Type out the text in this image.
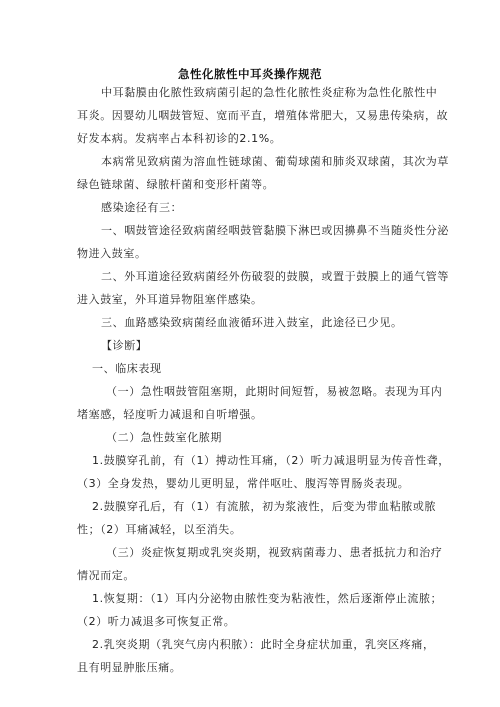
急性化脓性中耳炎操作规范
中耳黏膜由化脓性致病菌引起的急性化脓性炎症称为急性化脓性中
耳炎。因婴幼儿咽鼓管短、宽而平直，增殖体常肥大，又易患传染病，故
好发本病。发病率占本科初诊的2.1%。
本病常见致病菌为溶血性链球菌、葡萄球菌和肺炎双球菌，其次为草
绿色链球菌、绿脓杆菌和变形杆菌等。
感染途径有三：
一、咽鼓管途径致病菌经咽鼓管黏膜下淋巴或因擤鼻不当随炎性分泌
物进入鼓室。
二、外耳道途径致病菌经外伤破裂的鼓膜，或置于鼓膜上的通气管等
进入鼓室，外耳道异物阻塞伴感染。
三、血路感染致病菌经血液循环进入鼓室，此途径已少见。
【诊断】
一、临床表现
（一）急性咽鼓管阻塞期，此期时间短暂，易被忽略。表现为耳内
堵塞感，轻度听力减退和自听增强。
（二）急性鼓室化脓期
1.鼓膜穿孔前，有（1）搏动性耳痛，（2）听力减退明显为传音性聋，
（3）全身发热，婴幼儿更明显，常伴呕吐、腹泻等胃肠炎表现。
2.鼓膜穿孔后，有（1）有流脓，初为浆液性，后变为带血粘脓或脓
性；（2）耳痛减轻，以至消失。
（三）炎症恢复期或乳突炎期，视致病菌毒力、患者抵抗力和治疗
情况而定。
1.恢复期：（1）耳内分泌物由脓性变为粘液性，然后逐渐停止流脓；
（2）听力减退多可恢复正常。
2.乳突炎期（乳突气房内积脓）：此时全身症状加重，乳突区疼痛，
且有明显肿胀压痛。
